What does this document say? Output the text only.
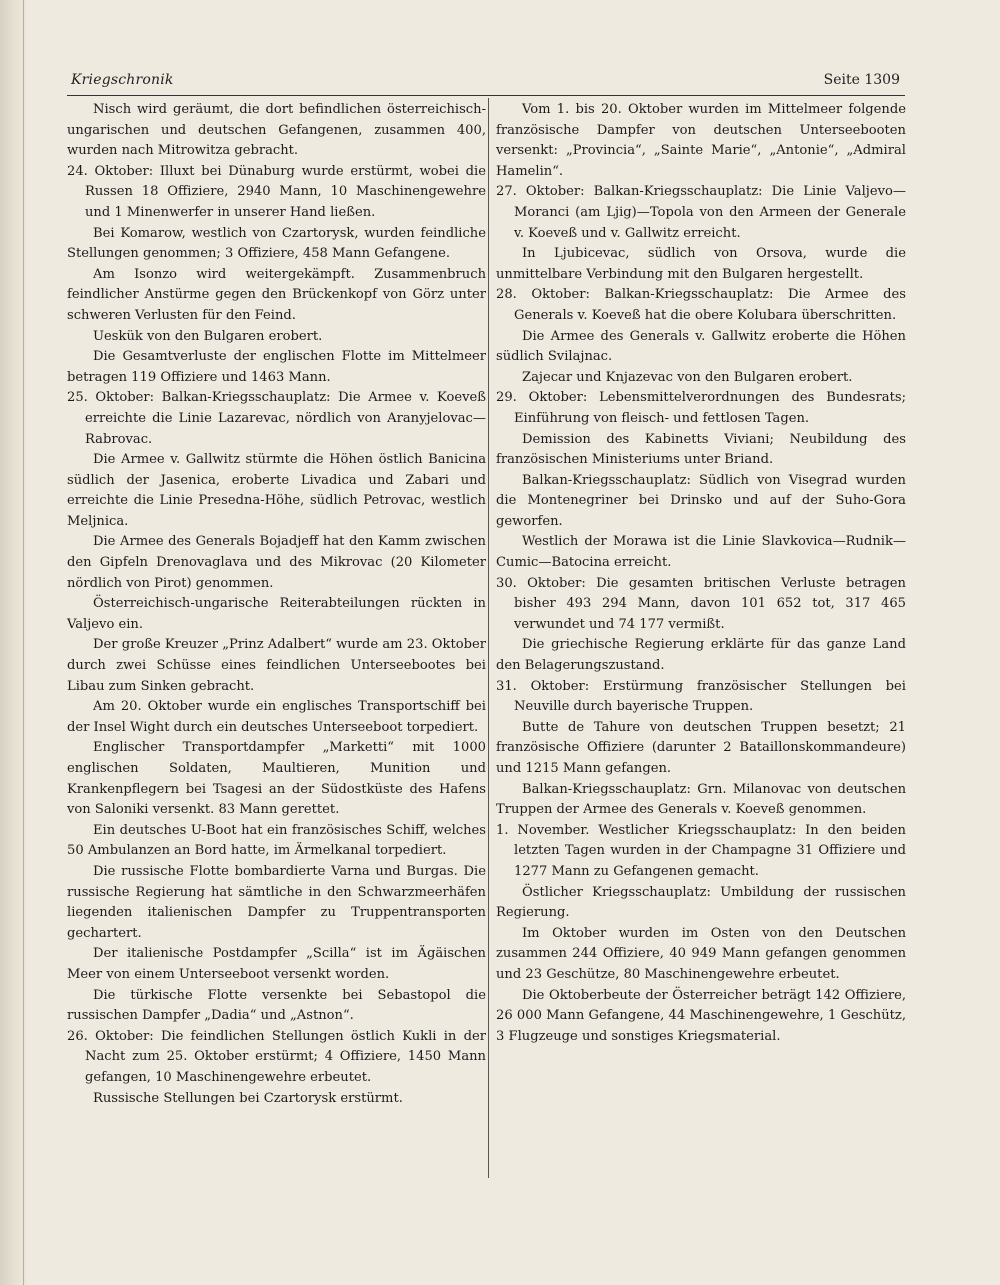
Kriegschronik	Seite 1309

Nisch wird geräumt, die dort befindlichen österreichisch-ungarischen und deutschen Gefangenen, zusammen 400, wurden nach Mitrowitza gebracht.

24. Oktober: Illuxt bei Dünaburg wurde erstürmt, wobei die Russen 18 Offiziere, 2940 Mann, 10 Maschinengewehre und 1 Minenwerfer in unserer Hand ließen.

Bei Komarow, westlich von Czartorysk, wurden feindliche Stellungen genommen; 3 Offiziere, 458 Mann Gefangene.

Am Isonzo wird weitergekämpft. Zusammenbruch feindlicher Anstürme gegen den Brückenkopf von Görz unter schweren Verlusten für den Feind.

Ueskük von den Bulgaren erobert.

Die Gesamtverluste der englischen Flotte im Mittelmeer betragen 119 Offiziere und 1463 Mann.

25. Oktober: Balkan-Kriegsschauplatz: Die Armee v. Koeveß erreichte die Linie Lazarevac, nördlich von Aranyjelovac—Rabrovac.

Die Armee v. Gallwitz stürmte die Höhen östlich Banicina südlich der Jasenica, eroberte Livadica und Zabari und erreichte die Linie Presedna-Höhe, südlich Petrovac, westlich Meljnica.

Die Armee des Generals Bojadjeff hat den Kamm zwischen den Gipfeln Drenovaglava und des Mikrovac (20 Kilometer nördlich von Pirot) genommen.

Österreichisch-ungarische Reiterabteilungen rückten in Valjevo ein.

Der große Kreuzer „Prinz Adalbert“ wurde am 23. Oktober durch zwei Schüsse eines feindlichen Unterseebootes bei Libau zum Sinken gebracht.

Am 20. Oktober wurde ein englisches Transportschiff bei der Insel Wight durch ein deutsches Unterseeboot torpediert.

Englischer Transportdampfer „Marketti“ mit 1000 englischen Soldaten, Maultieren, Munition und Krankenpflegern bei Tsagesi an der Südostküste des Hafens von Saloniki versenkt. 83 Mann gerettet.

Ein deutsches U-Boot hat ein französisches Schiff, welches 50 Ambulanzen an Bord hatte, im Ärmelkanal torpediert.

Die russische Flotte bombardierte Varna und Burgas. Die russische Regierung hat sämtliche in den Schwarzmeerhäfen liegenden italienischen Dampfer zu Truppentransporten gechartert.

Der italienische Postdampfer „Scilla“ ist im Ägäischen Meer von einem Unterseeboot versenkt worden.

Die türkische Flotte versenkte bei Sebastopol die russischen Dampfer „Dadia“ und „Astnon“.

26. Oktober: Die feindlichen Stellungen östlich Kukli in der Nacht zum 25. Oktober erstürmt; 4 Offiziere, 1450 Mann gefangen, 10 Maschinengewehre erbeutet.

Russische Stellungen bei Czartorysk erstürmt.

Vom 1. bis 20. Oktober wurden im Mittelmeer folgende französische Dampfer von deutschen Unterseebooten versenkt: „Provincia“, „Sainte Marie“, „Antonie“, „Admiral Hamelin“.

27. Oktober: Balkan-Kriegsschauplatz: Die Linie Valjevo—Moranci (am Ljig)—Topola von den Armeen der Generale v. Koeveß und v. Gallwitz erreicht.

In Ljubicevac, südlich von Orsova, wurde die unmittelbare Verbindung mit den Bulgaren hergestellt.

28. Oktober: Balkan-Kriegsschauplatz: Die Armee des Generals v. Koeveß hat die obere Kolubara überschritten.

Die Armee des Generals v. Gallwitz eroberte die Höhen südlich Svilajnac.

Zajecar und Knjazevac von den Bulgaren erobert.

29. Oktober: Lebensmittelverordnungen des Bundesrats; Einführung von fleisch- und fettlosen Tagen.

Demission des Kabinetts Viviani; Neubildung des französischen Ministeriums unter Briand.

Balkan-Kriegsschauplatz: Südlich von Visegrad wurden die Montenegriner bei Drinsko und auf der Suho-Gora geworfen.

Westlich der Morawa ist die Linie Slavkovica—Rudnik—Cumic—Batocina erreicht.

30. Oktober: Die gesamten britischen Verluste betragen bisher 493 294 Mann, davon 101 652 tot, 317 465 verwundet und 74 177 vermißt.

Die griechische Regierung erklärte für das ganze Land den Belagerungszustand.

31. Oktober: Erstürmung französischer Stellungen bei Neuville durch bayerische Truppen.

Butte de Tahure von deutschen Truppen besetzt; 21 französische Offiziere (darunter 2 Bataillonskommandeure) und 1215 Mann gefangen.

Balkan-Kriegsschauplatz: Grn. Milanovac von deutschen Truppen der Armee des Generals v. Koeveß genommen.

1. November. Westlicher Kriegsschauplatz: In den beiden letzten Tagen wurden in der Champagne 31 Offiziere und 1277 Mann zu Gefangenen gemacht.

Östlicher Kriegsschauplatz: Umbildung der russischen Regierung.

Im Oktober wurden im Osten von den Deutschen zusammen 244 Offiziere, 40 949 Mann gefangen genommen und 23 Geschütze, 80 Maschinengewehre erbeutet.

Die Oktoberbeute der Österreicher beträgt 142 Offiziere, 26 000 Mann Gefangene, 44 Maschinengewehre, 1 Geschütz, 3 Flugzeuge und sonstiges Kriegsmaterial.
